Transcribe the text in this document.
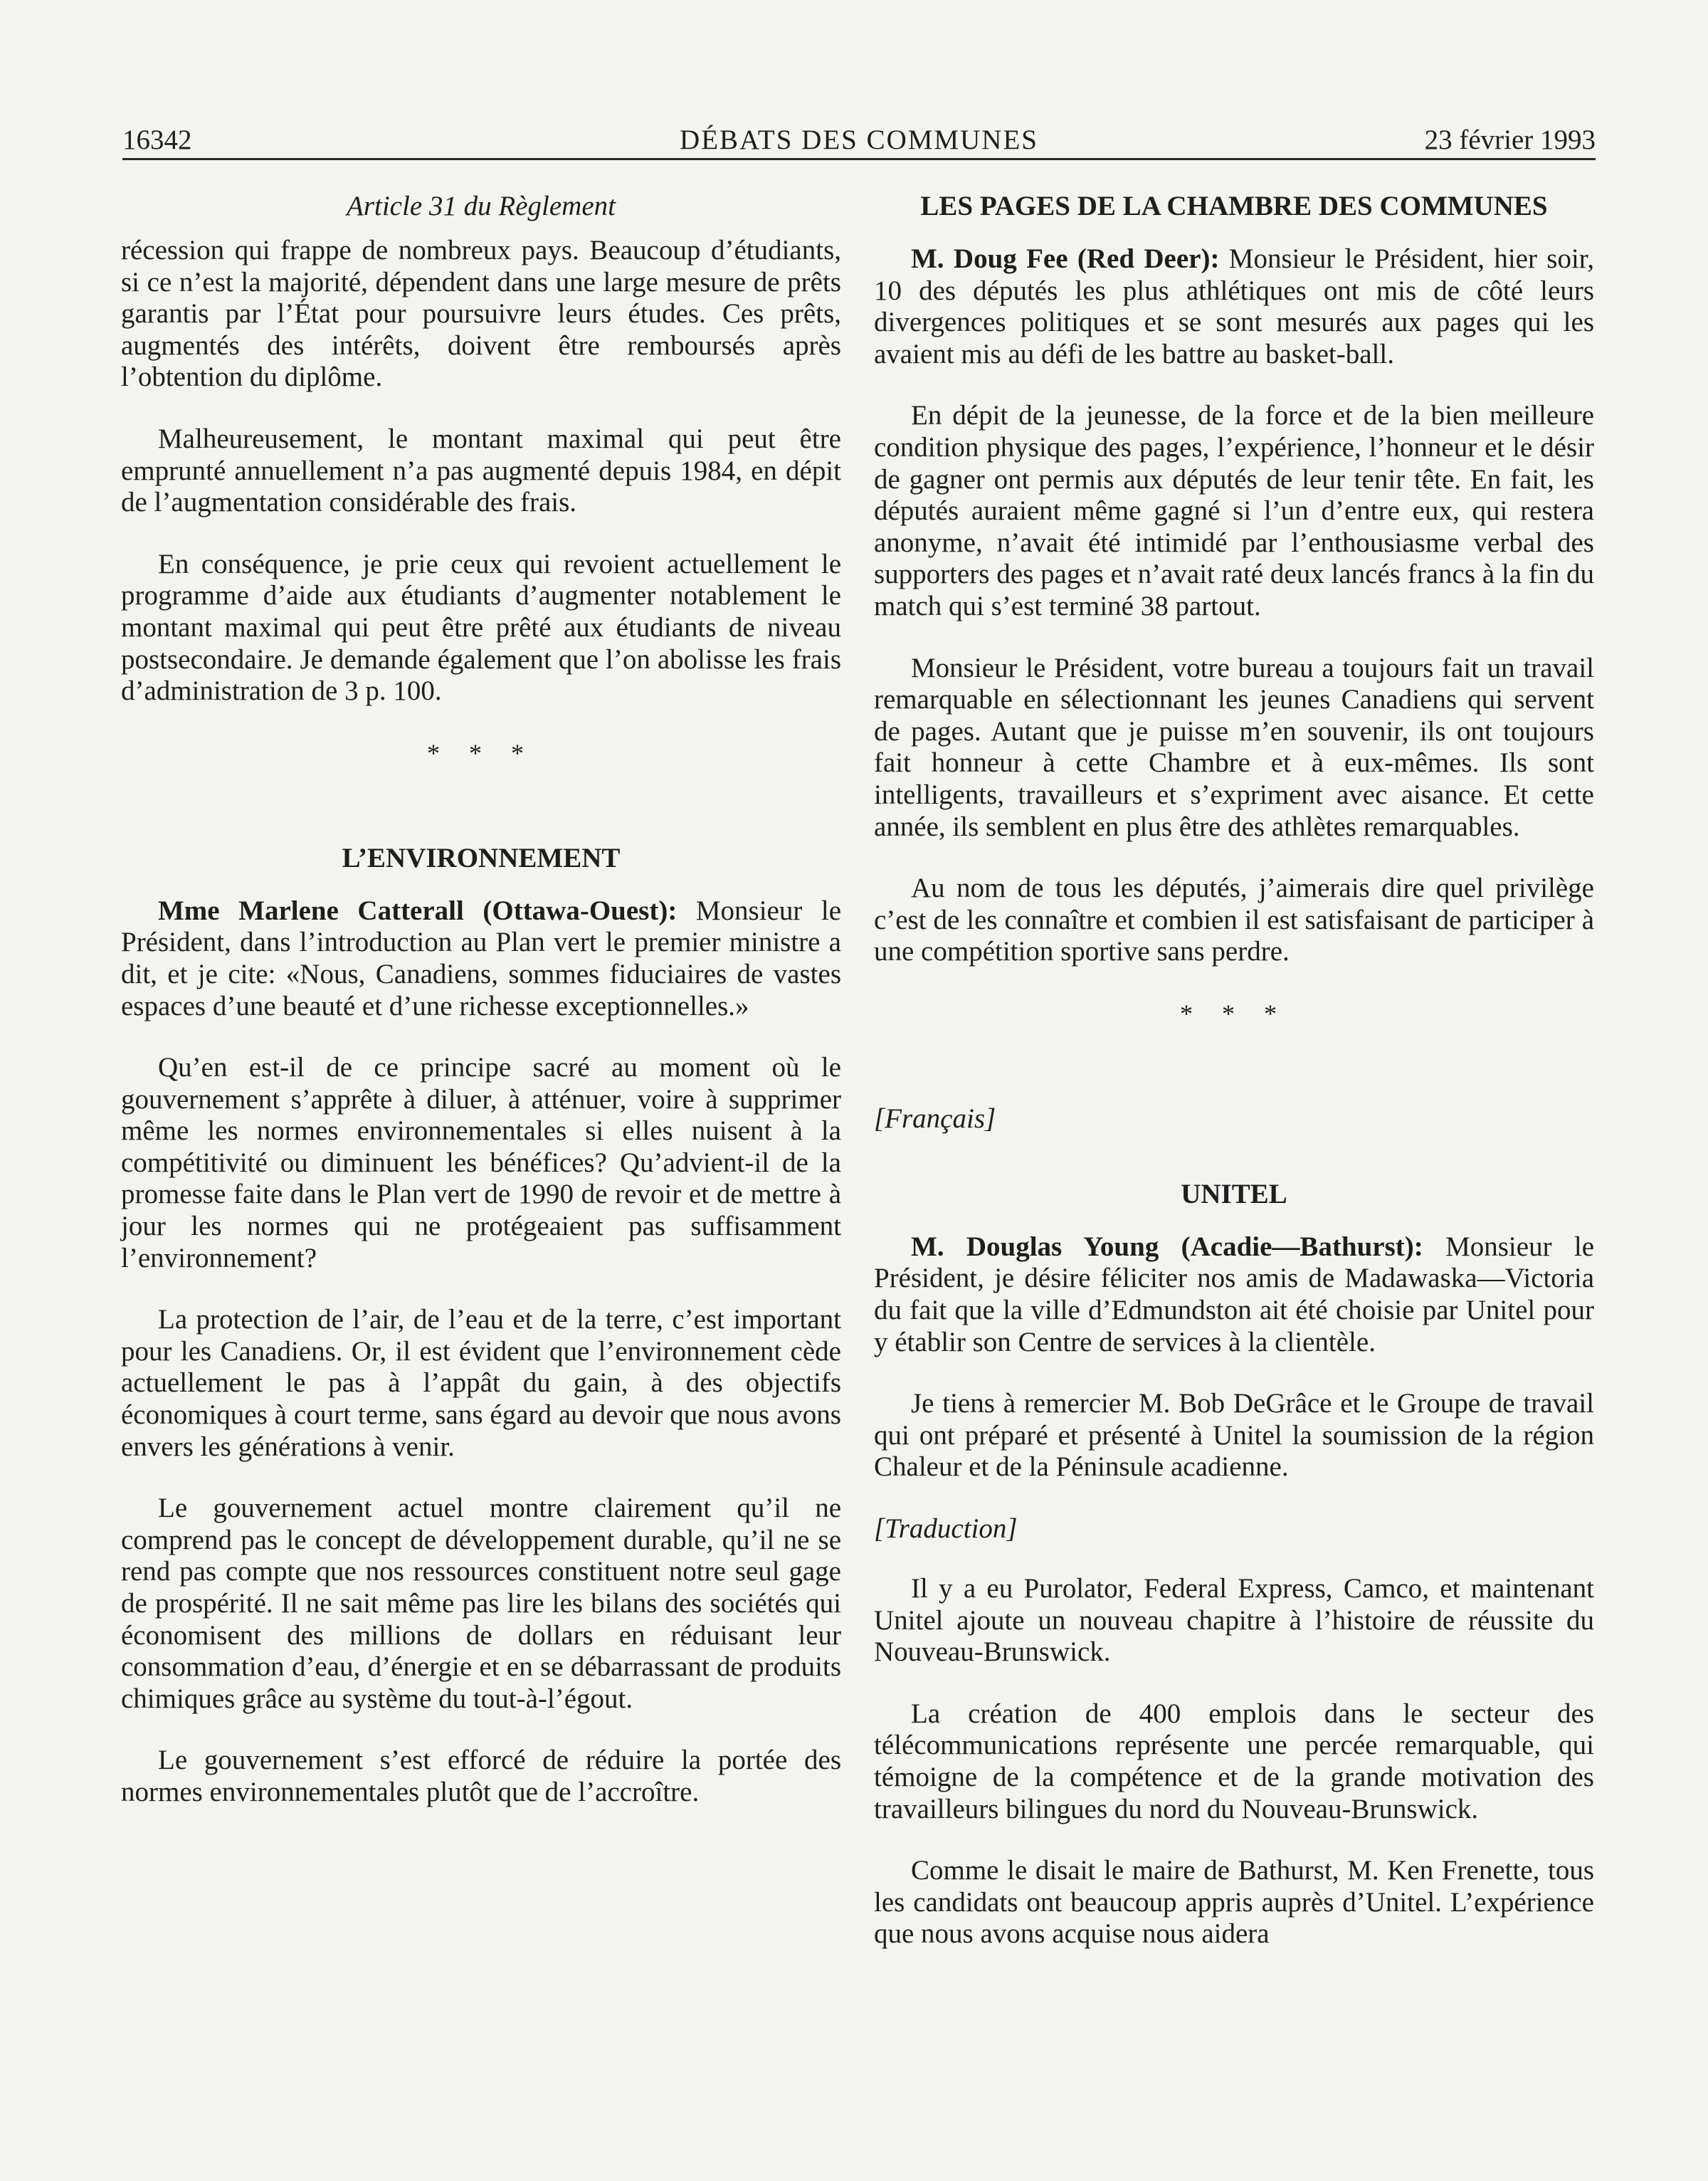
16342	DÉBATS DES COMMUNES	23 février 1993
Article 31 du Règlement

récession qui frappe de nombreux pays. Beaucoup d’étudiants, si ce n’est la majorité, dépendent dans une large mesure de prêts garantis par l’État pour poursuivre leurs études. Ces prêts, augmentés des intérêts, doivent être remboursés après l’obtention du diplôme.

Malheureusement, le montant maximal qui peut être emprunté annuellement n’a pas augmenté depuis 1984, en dépit de l’augmentation considérable des frais.

En conséquence, je prie ceux qui revoient actuellement le programme d’aide aux étudiants d’augmenter notablement le montant maximal qui peut être prêté aux étudiants de niveau postsecondaire. Je demande également que l’on abolisse les frais d’administration de 3 p. 100.

* * *
L’ENVIRONNEMENT

Mme Marlene Catterall (Ottawa-Ouest): Monsieur le Président, dans l’introduction au Plan vert le premier ministre a dit, et je cite: «Nous, Canadiens, sommes fiduciaires de vastes espaces d’une beauté et d’une richesse exceptionnelles.»

Qu’en est-il de ce principe sacré au moment où le gouvernement s’apprête à diluer, à atténuer, voire à supprimer même les normes environnementales si elles nuisent à la compétitivité ou diminuent les bénéfices? Qu’advient-il de la promesse faite dans le Plan vert de 1990 de revoir et de mettre à jour les normes qui ne protégeaient pas suffisamment l’environnement?

La protection de l’air, de l’eau et de la terre, c’est important pour les Canadiens. Or, il est évident que l’environnement cède actuellement le pas à l’appât du gain, à des objectifs économiques à court terme, sans égard au devoir que nous avons envers les générations à venir.

Le gouvernement actuel montre clairement qu’il ne comprend pas le concept de développement durable, qu’il ne se rend pas compte que nos ressources constituent notre seul gage de prospérité. Il ne sait même pas lire les bilans des sociétés qui économisent des millions de dollars en réduisant leur consommation d’eau, d’énergie et en se débarrassant de produits chimiques grâce au système du tout-à-l’égout.

Le gouvernement s’est efforcé de réduire la portée des normes environnementales plutôt que de l’accroître.

LES PAGES DE LA CHAMBRE DES COMMUNES

M. Doug Fee (Red Deer): Monsieur le Président, hier soir, 10 des députés les plus athlétiques ont mis de côté leurs divergences politiques et se sont mesurés aux pages qui les avaient mis au défi de les battre au basket-ball.

En dépit de la jeunesse, de la force et de la bien meilleure condition physique des pages, l’expérience, l’honneur et le désir de gagner ont permis aux députés de leur tenir tête. En fait, les députés auraient même gagné si l’un d’entre eux, qui restera anonyme, n’avait été intimidé par l’enthousiasme verbal des supporters des pages et n’avait raté deux lancés francs à la fin du match qui s’est terminé 38 partout.

Monsieur le Président, votre bureau a toujours fait un travail remarquable en sélectionnant les jeunes Canadiens qui servent de pages. Autant que je puisse m’en souvenir, ils ont toujours fait honneur à cette Chambre et à eux-mêmes. Ils sont intelligents, travailleurs et s’expriment avec aisance. Et cette année, ils semblent en plus être des athlètes remarquables.

Au nom de tous les députés, j’aimerais dire quel privilège c’est de les connaître et combien il est satisfaisant de participer à une compétition sportive sans perdre.

* * *
[Français]
UNITEL

M. Douglas Young (Acadie—Bathurst): Monsieur le Président, je désire féliciter nos amis de Madawaska—Victoria du fait que la ville d’Edmundston ait été choisie par Unitel pour y établir son Centre de services à la clientèle.

Je tiens à remercier M. Bob DeGrâce et le Groupe de travail qui ont préparé et présenté à Unitel la soumission de la région Chaleur et de la Péninsule acadienne.

[Traduction]

Il y a eu Purolator, Federal Express, Camco, et maintenant Unitel ajoute un nouveau chapitre à l’histoire de réussite du Nouveau-Brunswick.

La création de 400 emplois dans le secteur des télécommunications représente une percée remarquable, qui témoigne de la compétence et de la grande motivation des travailleurs bilingues du nord du Nouveau-Brunswick.

Comme le disait le maire de Bathurst, M. Ken Frenette, tous les candidats ont beaucoup appris auprès d’Unitel. L’expérience que nous avons acquise nous aidera
